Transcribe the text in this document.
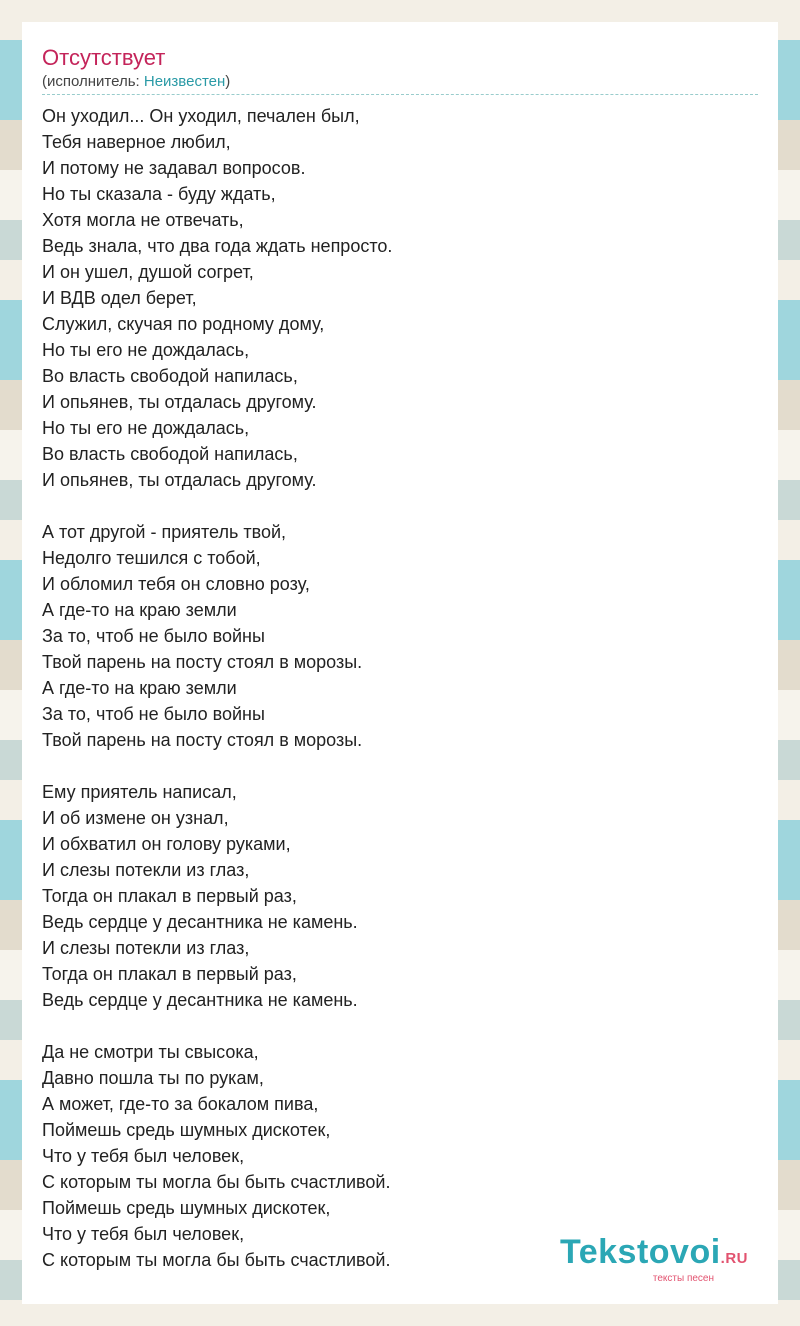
Отсутствует
(исполнитель: Неизвестен)
Он уходил... Он уходил, печален был,
Тебя наверное любил,
И потому не задавал вопросов.
Но ты сказала - буду ждать,
Хотя могла не отвечать,
Ведь знала, что два года ждать непросто.
И он ушел, душой согрет,
И ВДВ одел берет,
Служил, скучая по родному дому,
Но ты его не дождалась,
Во власть свободой напилась,
И опьянев, ты отдалась другому.
Но ты его не дождалась,
Во власть свободой напилась,
И опьянев, ты отдалась другому.
А тот другой - приятель твой,
Недолго тешился с тобой,
И обломил тебя он словно розу,
А где-то на краю земли
За то, чтоб не было войны
Твой парень на посту стоял в морозы.
А где-то на краю земли
За то, чтоб не было войны
Твой парень на посту стоял в морозы.
Ему приятель написал,
И об измене он узнал,
И обхватил он голову руками,
И слезы потекли из глаз,
Тогда он плакал в первый раз,
Ведь сердце у десантника не камень.
И слезы потекли из глаз,
Тогда он плакал в первый раз,
Ведь сердце у десантника не камень.
Да не смотри ты свысока,
Давно пошла ты по рукам,
А может, где-то за бокалом пива,
Поймешь средь шумных дискотек,
Что у тебя был человек,
С которым ты могла бы быть счастливой.
Поймешь средь шумных дискотек,
Что у тебя был человек,
С которым ты могла бы быть счастливой.	Tekstovoi.RU
тексты песен
